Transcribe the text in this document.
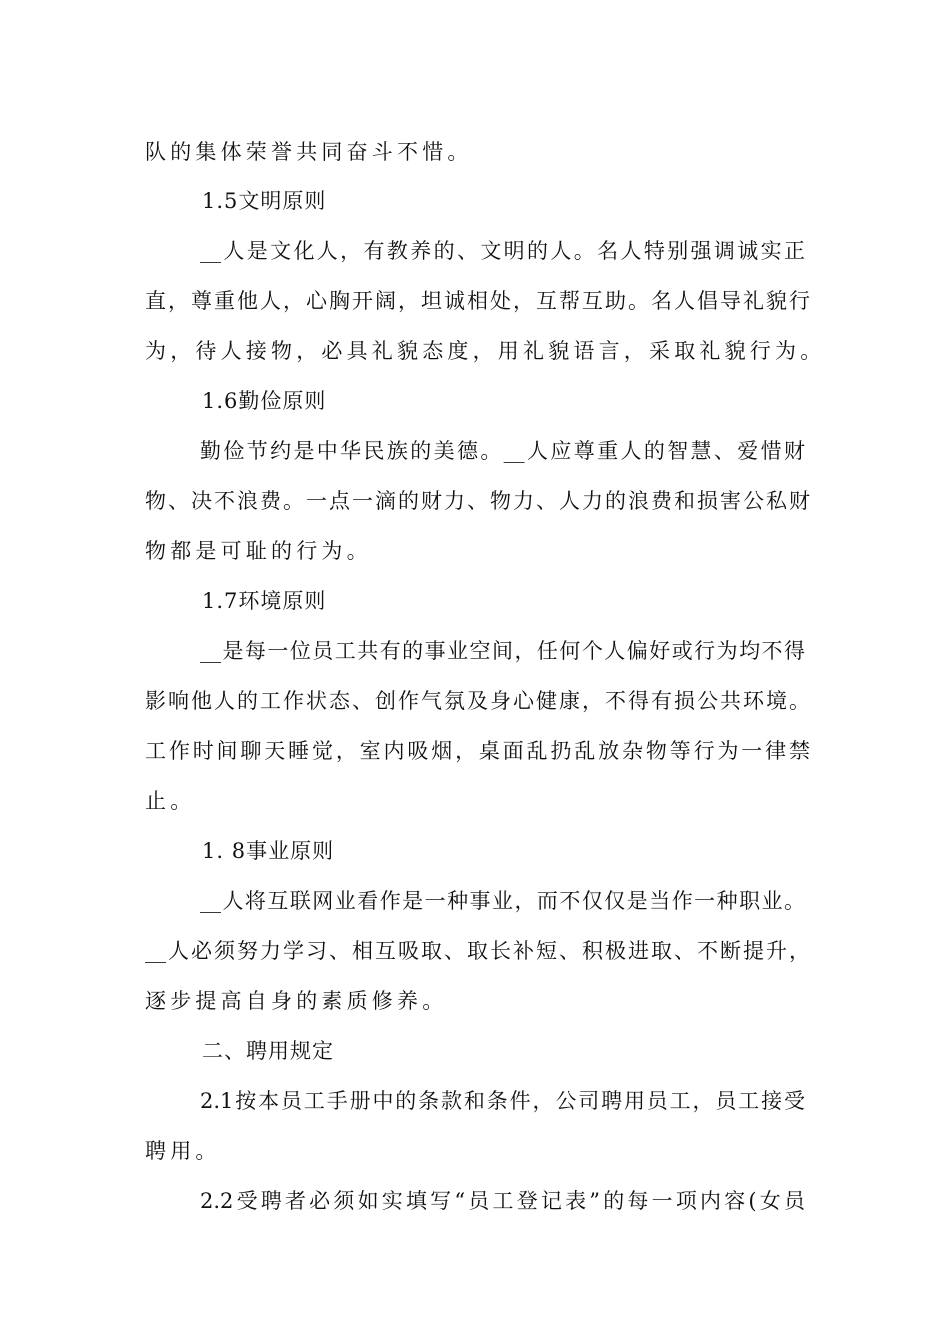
队的集体荣誉共同奋斗不惜。
1.5文明原则
__人是文化人，有教养的、文明的人。名人特别强调诚实正
直，尊重他人，心胸开阔，坦诚相处，互帮互助。名人倡导礼貌行
为，待人接物，必具礼貌态度，用礼貌语言，采取礼貌行为。
1.6勤俭原则
勤俭节约是中华民族的美德。__人应尊重人的智慧、爱惜财
物、决不浪费。一点一滴的财力、物力、人力的浪费和损害公私财
物都是可耻的行为。
1.7环境原则
__是每一位员工共有的事业空间，任何个人偏好或行为均不得
影响他人的工作状态、创作气氛及身心健康，不得有损公共环境。
工作时间聊天睡觉，室内吸烟，桌面乱扔乱放杂物等行为一律禁
止。
1. 8事业原则
__人将互联网业看作是一种事业，而不仅仅是当作一种职业。
__人必须努力学习、相互吸取、取长补短、积极进取、不断提升，
逐步提高自身的素质修养。
二、聘用规定
2.1按本员工手册中的条款和条件，公司聘用员工，员工接受
聘用。
2.2受聘者必须如实填写“员工登记表”的每一项内容(女员
